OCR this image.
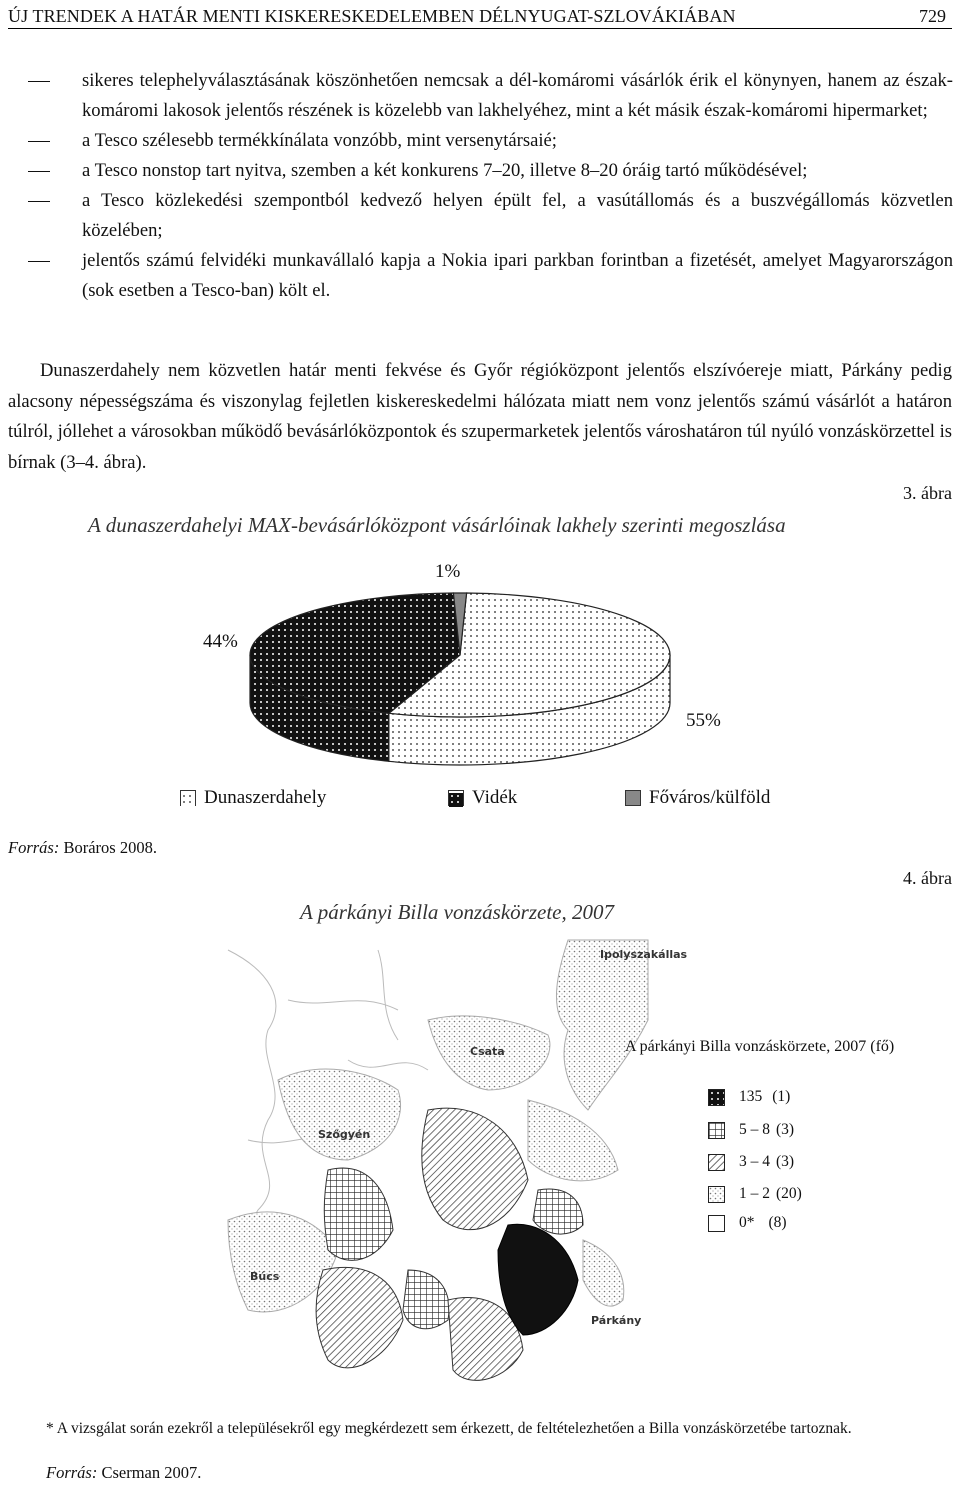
ÚJ TRENDEK A HATÁR MENTI KISKERESKEDELEMBEN DÉLNYUGAT-SZLOVÁKIÁBAN	729
sikeres telephelyválasztásának köszönhetően nemcsak a dél-komáromi vásárlók érik el könynyen, hanem az észak-komáromi lakosok jelentős részének is közelebb van lakhelyéhez, mint a két másik észak-komáromi hipermarket;
a Tesco szélesebb termékkínálata vonzóbb, mint versenytársaié;
a Tesco nonstop tart nyitva, szemben a két konkurens 7–20, illetve 8–20 óráig tartó működésével;
a Tesco közlekedési szempontból kedvező helyen épült fel, a vasútállomás és a buszvégállomás közvetlen közelében;
jelentős számú felvidéki munkavállaló kapja a Nokia ipari parkban forintban a fizetését, amelyet Magyarországon (sok esetben a Tesco-ban) költ el.
Dunaszerdahely nem közvetlen határ menti fekvése és Győr régióközpont jelentős elszívóereje miatt, Párkány pedig alacsony népességszáma és viszonylag fejletlen kiskereskedelmi hálózata miatt nem vonz jelentős számú vásárlót a határon túlról, jóllehet a városokban működő bevásárlóközpontok és szupermarketek jelentős városhatáron túl nyúló vonzáskörzettel is bírnak (3–4. ábra).
3. ábra
A dunaszerdahelyi MAX-bevásárlóközpont vásárlóinak lakhely szerinti megoszlása
1%
44%
55%
Dunaszerdahely	Vidék	Főváros/külföld
Forrás: Boráros 2008.
4. ábra
A párkányi Billa vonzáskörzete, 2007
Ipolyszakállas
Csata
Szőgyén
Búcs
Párkány
A párkányi Billa vonzáskörzete, 2007 (fő)
135 (1)
5 – 8 (3)
3 – 4 (3)
1 – 2 (20)
0* (8)
* A vizsgálat során ezekről a településekről egy megkérdezett sem érkezett, de feltételezhetően a Billa vonzáskörzetébe tartoznak.
Forrás: Cserman 2007.
